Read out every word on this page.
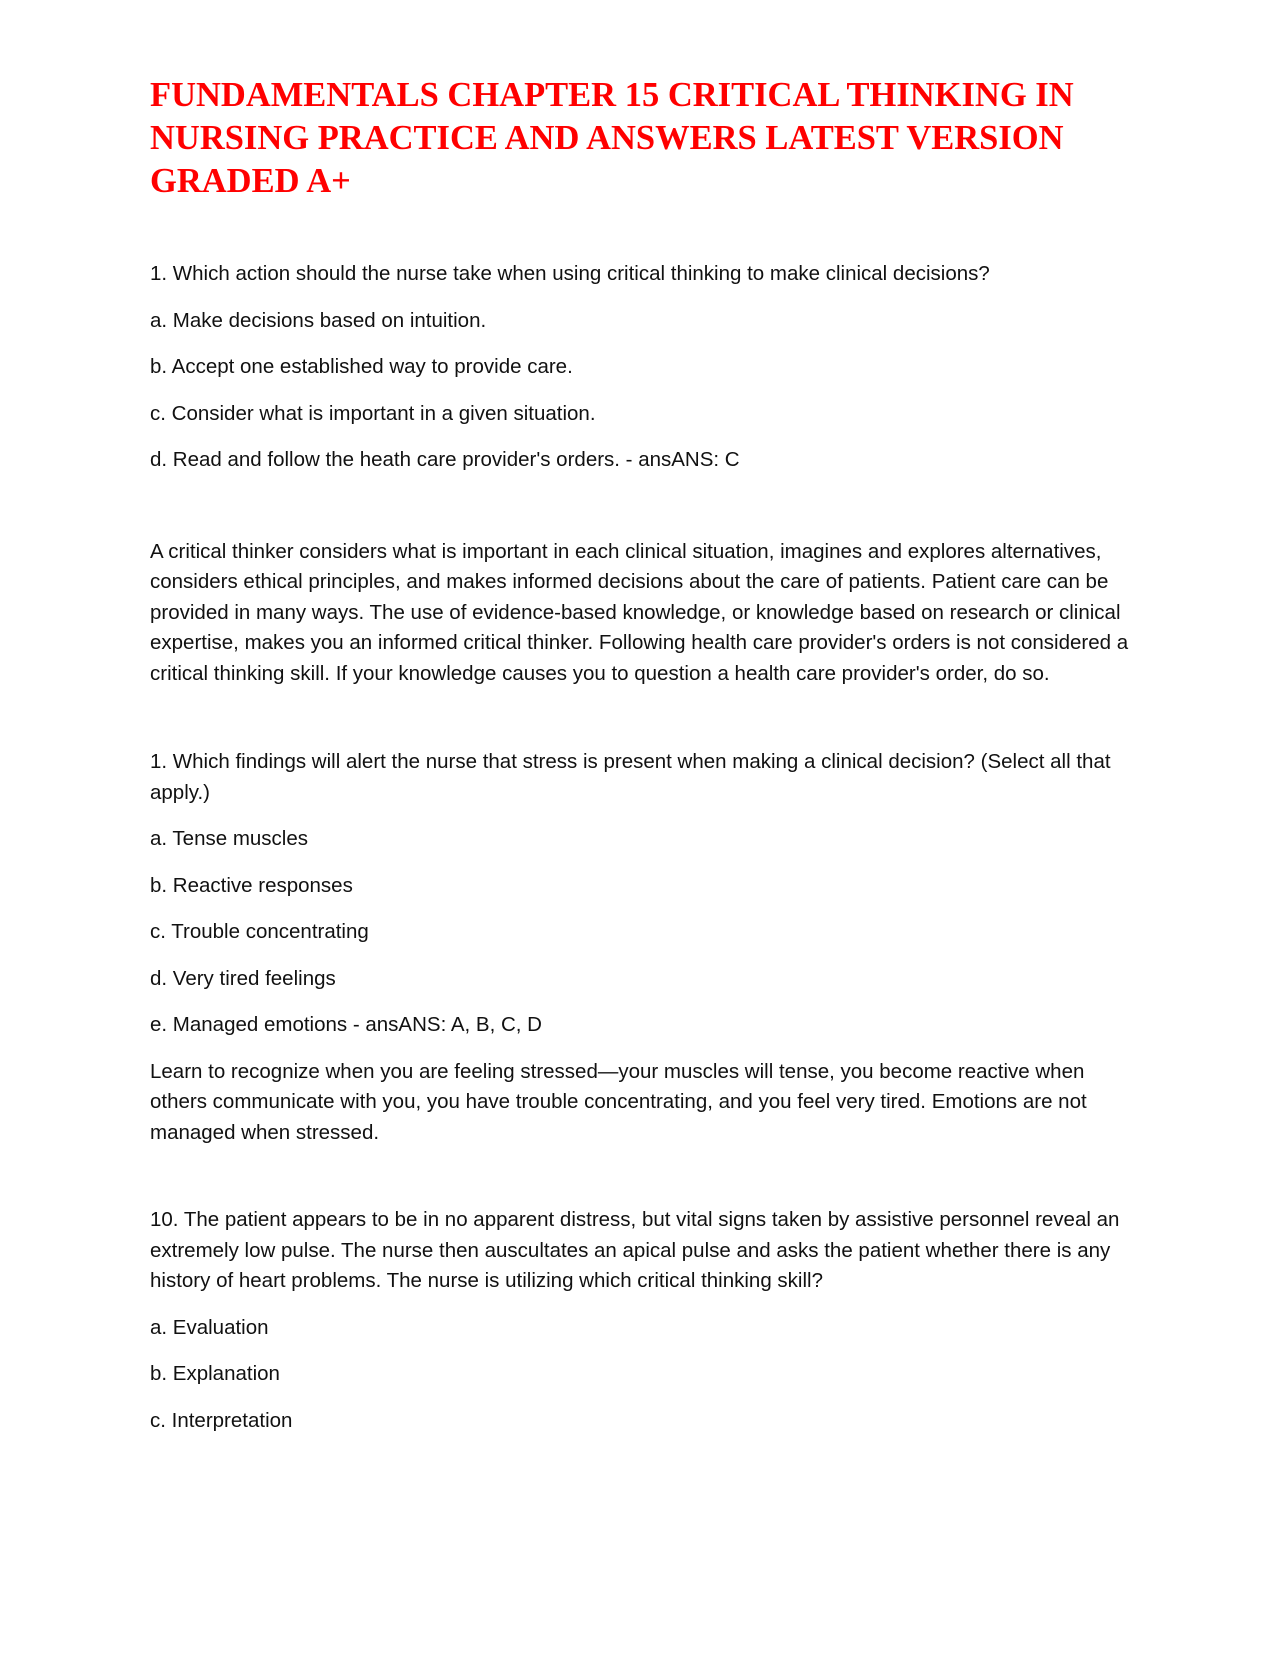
FUNDAMENTALS CHAPTER 15 CRITICAL THINKING IN NURSING PRACTICE AND ANSWERS LATEST VERSION  GRADED A+

1. Which action should the nurse take when using critical thinking to make clinical decisions?

a. Make decisions based on intuition.

b. Accept one established way to provide care.

c. Consider what is important in a given situation.

d. Read and follow the heath care provider's orders. - ansANS: C

A critical thinker considers what is important in each clinical situation, imagines and explores alternatives, considers ethical principles, and makes informed decisions about the care of patients. Patient care can be provided in many ways. The use of evidence-based knowledge, or knowledge based on research or clinical expertise, makes you an informed critical thinker. Following health care provider's orders is not considered a critical thinking skill. If your knowledge causes you to question a health care provider's order, do so.

1. Which findings will alert the nurse that stress is present when making a clinical decision? (Select all that apply.)

a. Tense muscles

b. Reactive responses

c. Trouble concentrating

d. Very tired feelings

e. Managed emotions - ansANS: A, B, C, D

Learn to recognize when you are feeling stressed—your muscles will tense, you become reactive when others communicate with you, you have trouble concentrating, and you feel very tired. Emotions are not managed when stressed.

10. The patient appears to be in no apparent distress, but vital signs taken by assistive personnel reveal an extremely low pulse. The nurse then auscultates an apical pulse and asks the patient whether there is any history of heart problems. The nurse is utilizing which critical thinking skill?

a. Evaluation

b. Explanation

c. Interpretation
